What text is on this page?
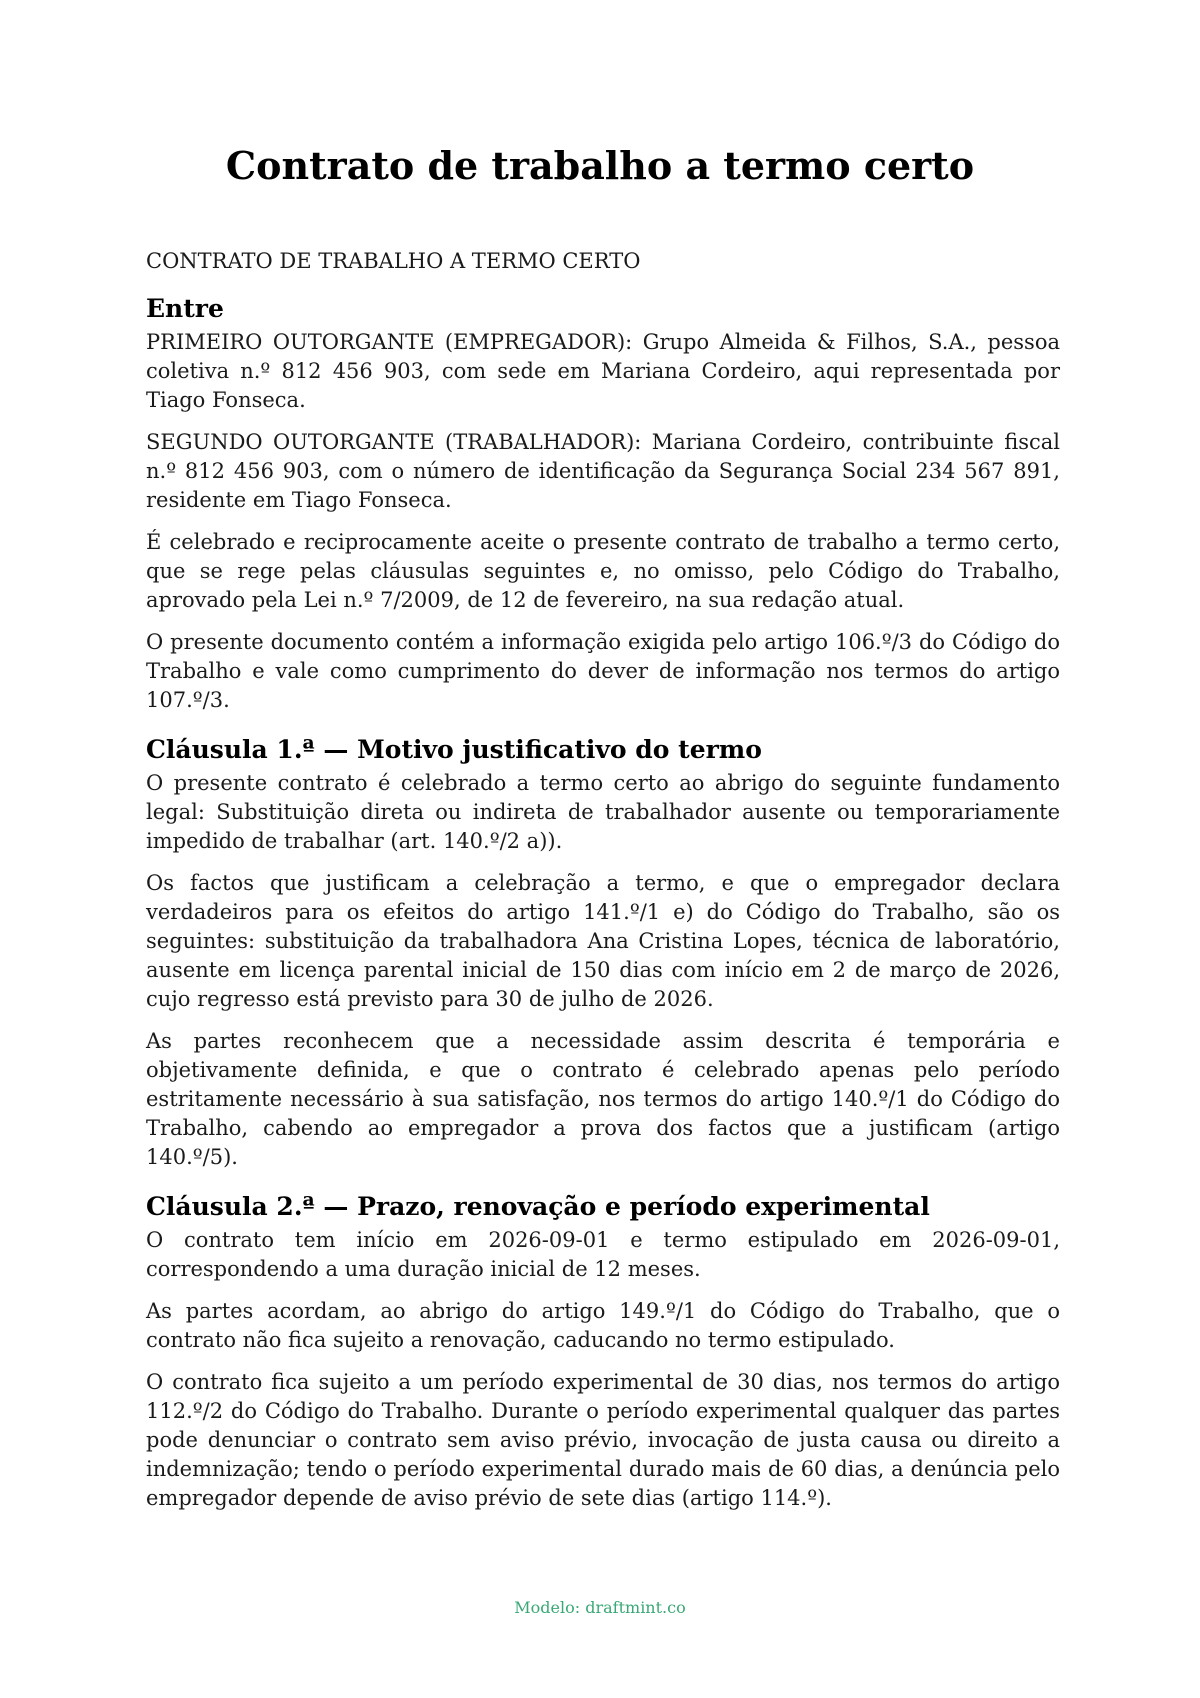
Contrato de trabalho a termo certo

CONTRATO DE TRABALHO A TERMO CERTO

Entre

PRIMEIRO OUTORGANTE (EMPREGADOR): Grupo Almeida & Filhos, S.A., pessoa coletiva n.º 812 456 903, com sede em Mariana Cordeiro, aqui representada por Tiago Fonseca.

SEGUNDO OUTORGANTE (TRABALHADOR): Mariana Cordeiro, contribuinte fiscal n.º 812 456 903, com o número de identificação da Segurança Social 234 567 891, residente em Tiago Fonseca.

É celebrado e reciprocamente aceite o presente contrato de trabalho a termo certo, que se rege pelas cláusulas seguintes e, no omisso, pelo Código do Trabalho, aprovado pela Lei n.º 7/2009, de 12 de fevereiro, na sua redação atual.

O presente documento contém a informação exigida pelo artigo 106.º/3 do Código do Trabalho e vale como cumprimento do dever de informação nos termos do artigo 107.º/3.

Cláusula 1.ª — Motivo justificativo do termo

O presente contrato é celebrado a termo certo ao abrigo do seguinte fundamento legal: Substituição direta ou indireta de trabalhador ausente ou temporariamente impedido de trabalhar (art. 140.º/2 a)).

Os factos que justificam a celebração a termo, e que o empregador declara verdadeiros para os efeitos do artigo 141.º/1 e) do Código do Trabalho, são os seguintes: substituição da trabalhadora Ana Cristina Lopes, técnica de laboratório, ausente em licença parental inicial de 150 dias com início em 2 de março de 2026, cujo regresso está previsto para 30 de julho de 2026.

As partes reconhecem que a necessidade assim descrita é temporária e objetivamente definida, e que o contrato é celebrado apenas pelo período estritamente necessário à sua satisfação, nos termos do artigo 140.º/1 do Código do Trabalho, cabendo ao empregador a prova dos factos que a justificam (artigo 140.º/5).

Cláusula 2.ª — Prazo, renovação e período experimental

O contrato tem início em 2026-09-01 e termo estipulado em 2026-09-01, correspondendo a uma duração inicial de 12 meses.

As partes acordam, ao abrigo do artigo 149.º/1 do Código do Trabalho, que o contrato não fica sujeito a renovação, caducando no termo estipulado.

O contrato fica sujeito a um período experimental de 30 dias, nos termos do artigo 112.º/2 do Código do Trabalho. Durante o período experimental qualquer das partes pode denunciar o contrato sem aviso prévio, invocação de justa causa ou direito a indemnização; tendo o período experimental durado mais de 60 dias, a denúncia pelo empregador depende de aviso prévio de sete dias (artigo 114.º).

Modelo: draftmint.co
